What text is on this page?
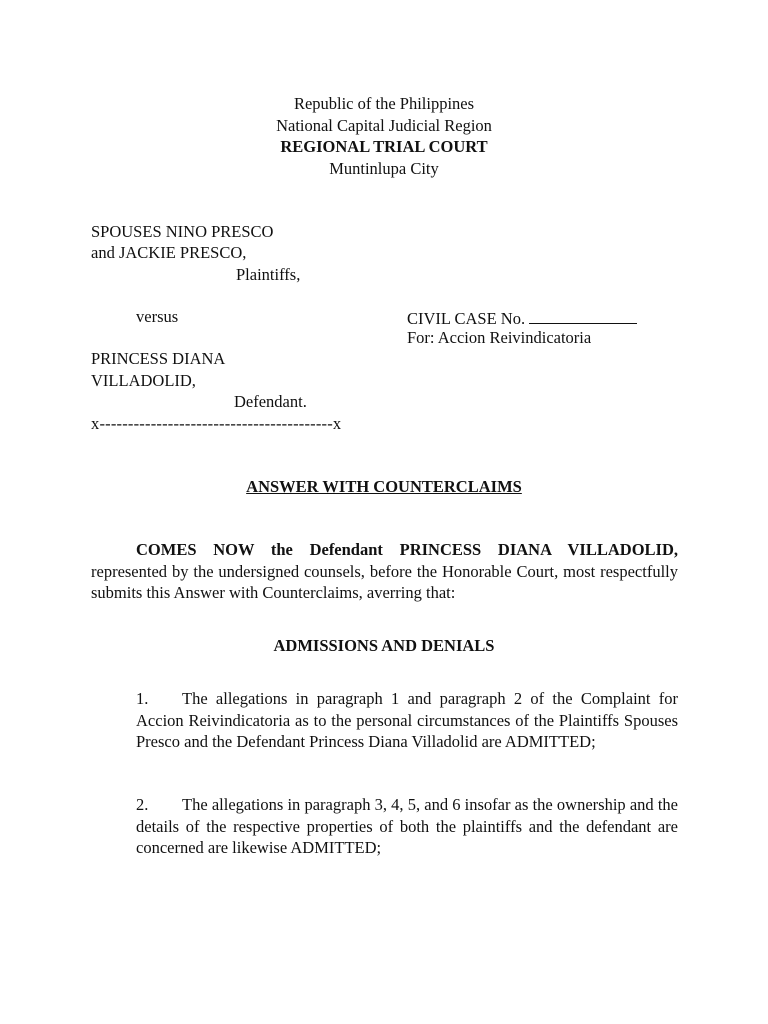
Republic of the Philippines
National Capital Judicial Region
REGIONAL TRIAL COURT
Muntinlupa City
SPOUSES NINO PRESCO
and JACKIE PRESCO,
Plaintiffs,
versus	CIVIL CASE No.
For: Accion Reivindicatoria
PRINCESS DIANA
VILLADOLID,
Defendant.
x-----------------------------------------x
ANSWER WITH COUNTERCLAIMS
COMES NOW the Defendant PRINCESS DIANA VILLADOLID, represented by the undersigned counsels, before the Honorable Court, most respectfully submits this Answer with Counterclaims, averring that:
ADMISSIONS AND DENIALS
1. The allegations in paragraph 1 and paragraph 2 of the Complaint for Accion Reivindicatoria as to the personal circumstances of the Plaintiffs Spouses Presco and the Defendant Princess Diana Villadolid are ADMITTED;
2. The allegations in paragraph 3, 4, 5, and 6 insofar as the ownership and the details of the respective properties of both the plaintiffs and the defendant are concerned are likewise ADMITTED;
